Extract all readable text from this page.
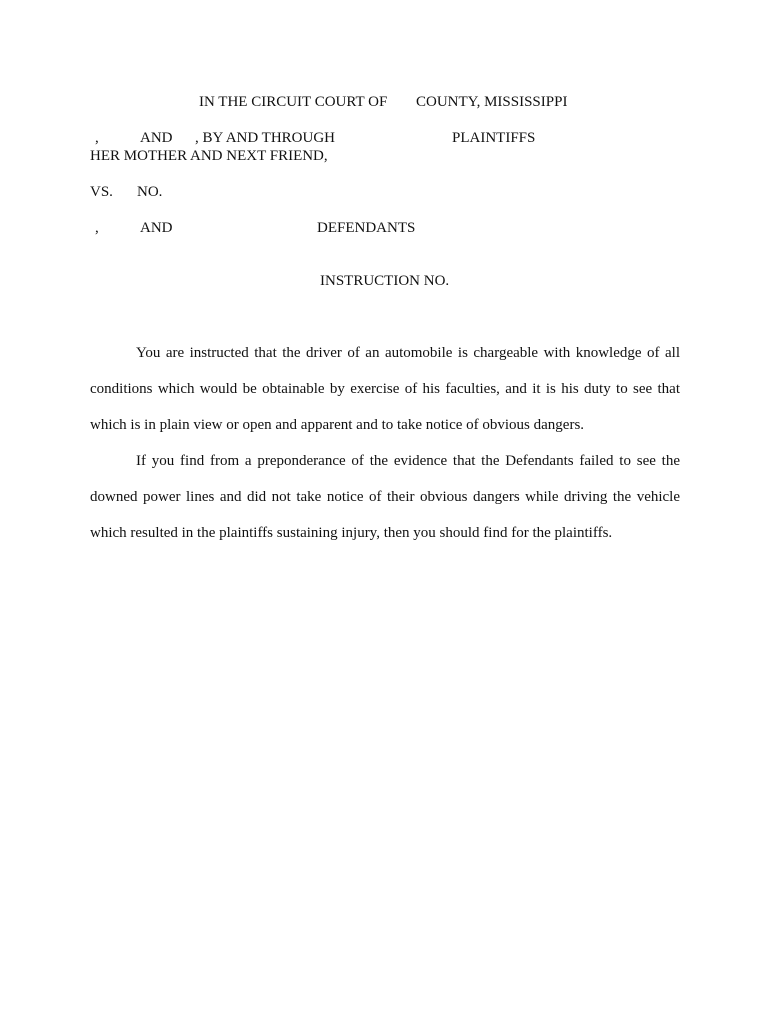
IN THE CIRCUIT COURT OF COUNTY, MISSISSIPPI

,	AND , BY AND THROUGH	PLAINTIFFS

HER MOTHER AND NEXT FRIEND,

VS. NO.

,	AND	DEFENDANTS

INSTRUCTION NO.

You are instructed that the driver of an automobile is chargeable with knowledge of all conditions which would be obtainable by exercise of his faculties, and it is his duty to see that which is in plain view or open and apparent and to take notice of obvious dangers.

If you find from a preponderance of the evidence that the Defendants failed to see the downed power lines and did not take notice of their obvious dangers while driving the vehicle which resulted in the plaintiffs sustaining injury, then you should find for the plaintiffs.
